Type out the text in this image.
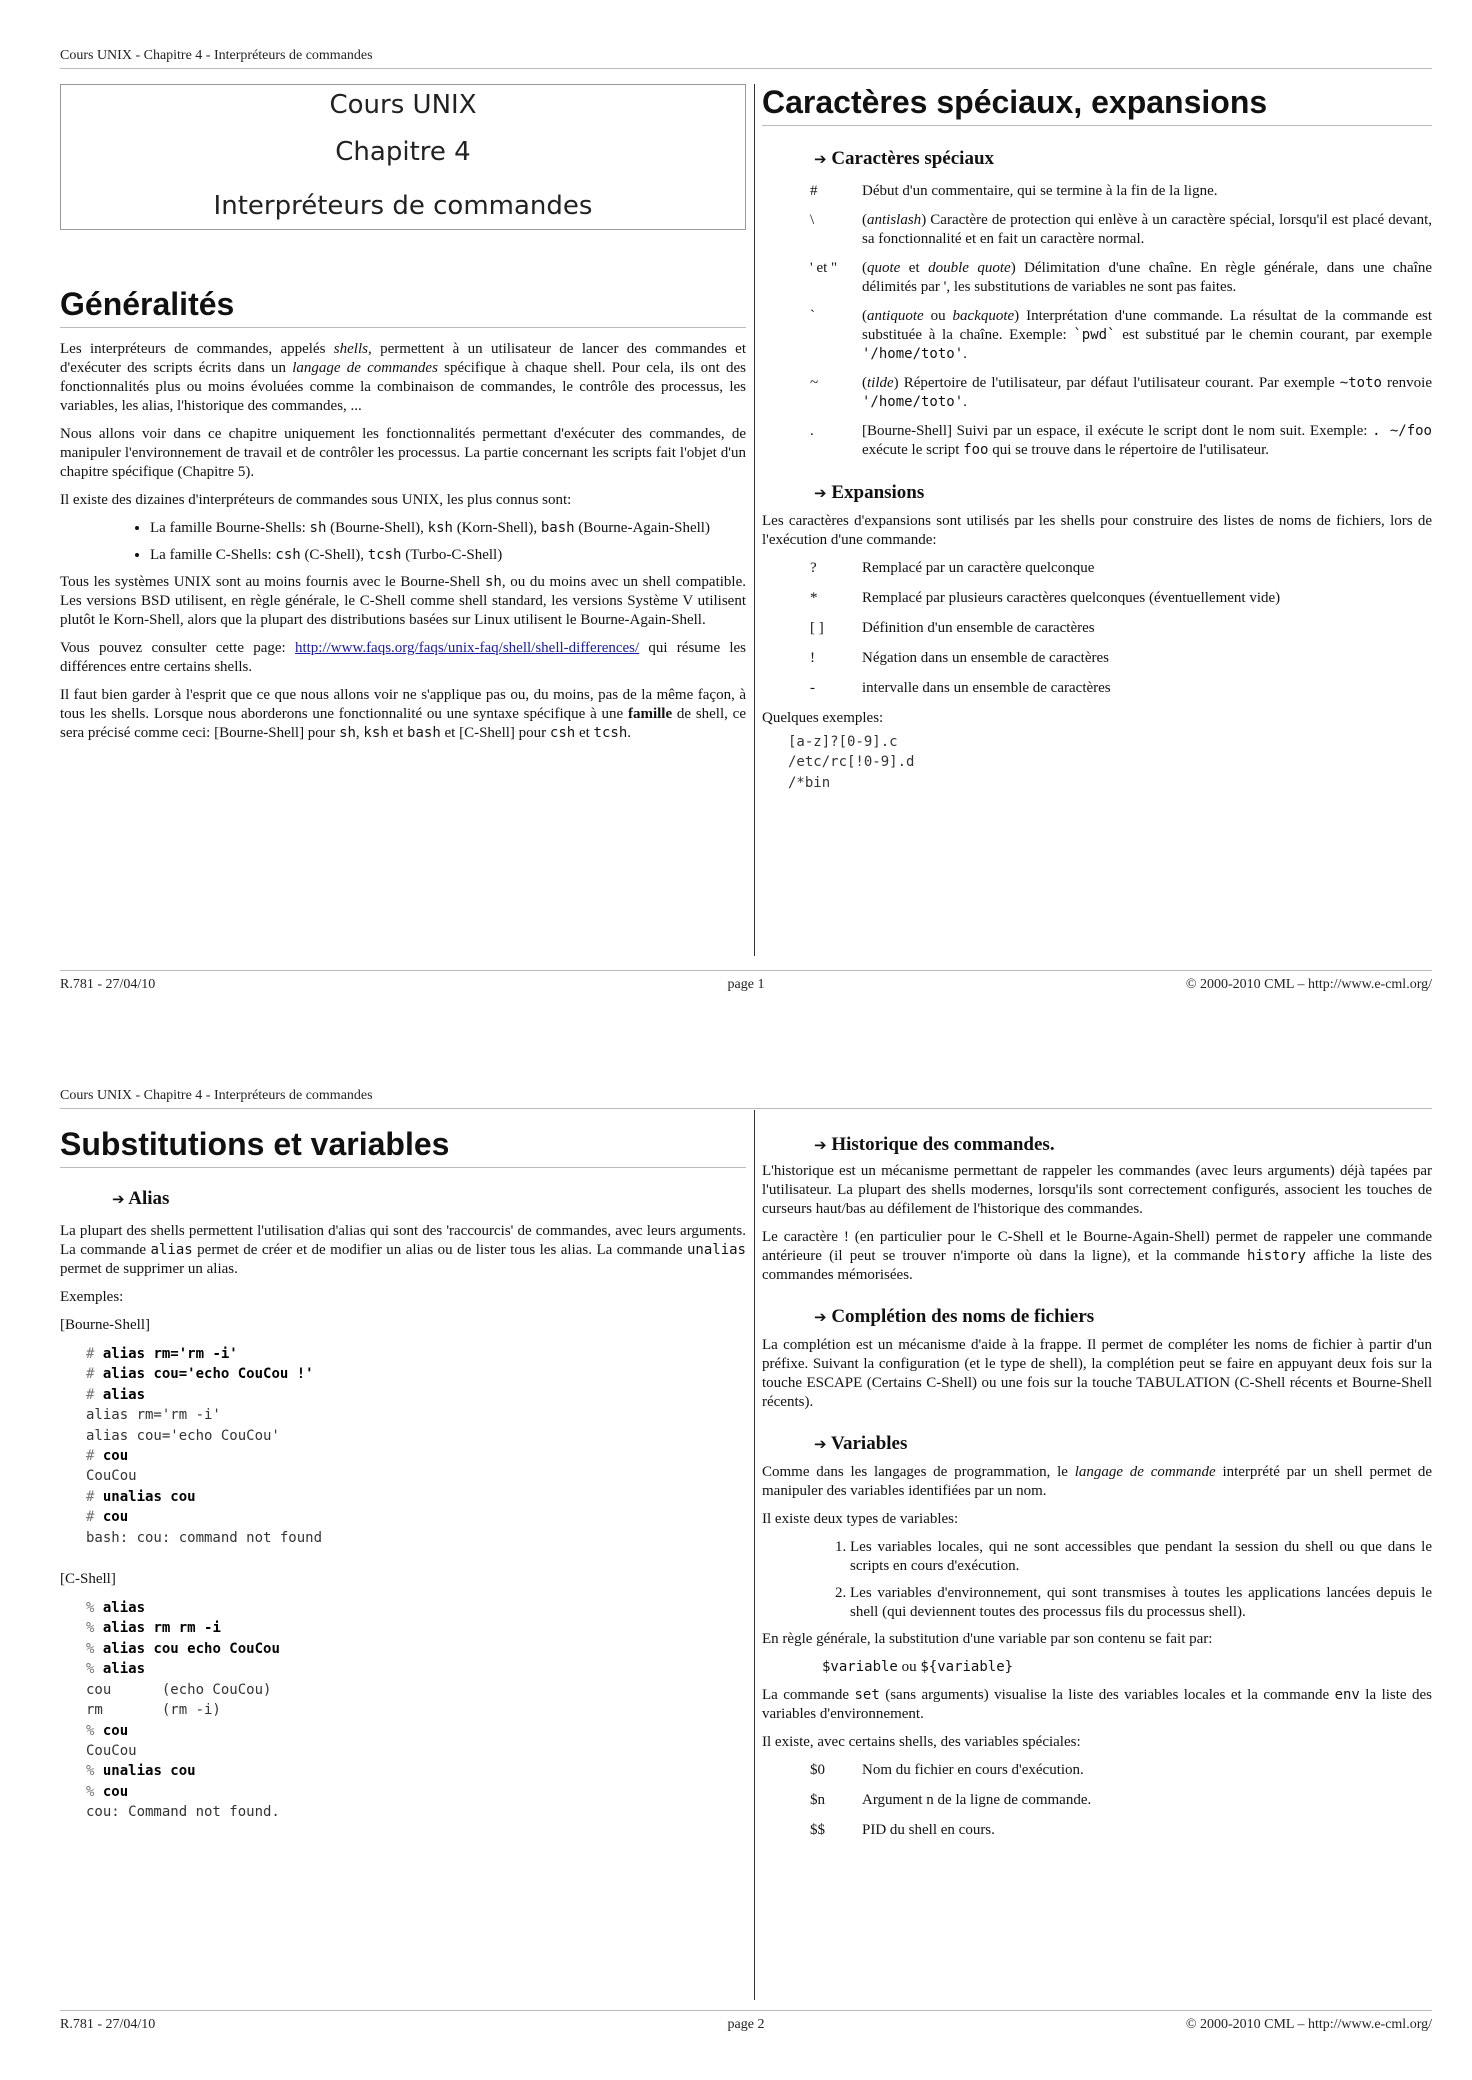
Cours UNIX - Chapitre 4 - Interpréteurs de commandes
Cours UNIX
Chapitre 4
Interpréteurs de commandes
Généralités

Les interpréteurs de commandes, appelés shells, permettent à un utilisateur de lancer des commandes et d'exécuter des scripts écrits dans un langage de commandes spécifique à chaque shell. Pour cela, ils ont des fonctionnalités plus ou moins évoluées comme la combinaison de commandes, le contrôle des processus, les variables, les alias, l'historique des commandes, ...

Nous allons voir dans ce chapitre uniquement les fonctionnalités permettant d'exécuter des commandes, de manipuler l'environnement de travail et de contrôler les processus. La partie concernant les scripts fait l'objet d'un chapitre spécifique (Chapitre 5).

Il existe des dizaines d'interpréteurs de commandes sous UNIX, les plus connus sont:

• La famille Bourne-Shells: sh (Bourne-Shell), ksh (Korn-Shell), bash (Bourne-Again-Shell)
• La famille C-Shells: csh (C-Shell), tcsh (Turbo-C-Shell)

Tous les systèmes UNIX sont au moins fournis avec le Bourne-Shell sh, ou du moins avec un shell compatible. Les versions BSD utilisent, en règle générale, le C-Shell comme shell standard, les versions Système V utilisent plutôt le Korn-Shell, alors que la plupart des distributions basées sur Linux utilisent le Bourne-Again-Shell.

Vous pouvez consulter cette page: http://www.faqs.org/faqs/unix-faq/shell/shell-differences/ qui résume les différences entre certains shells.

Il faut bien garder à l'esprit que ce que nous allons voir ne s'applique pas ou, du moins, pas de la même façon, à tous les shells. Lorsque nous aborderons une fonctionnalité ou une syntaxe spécifique à une famille de shell, ce sera précisé comme ceci: [Bourne-Shell] pour sh, ksh et bash et [C-Shell] pour csh et tcsh.

Caractères spéciaux, expansions
➔ Caractères spéciaux
#	Début d'un commentaire, qui se termine à la fin de la ligne.
\	(antislash) Caractère de protection qui enlève à un caractère spécial, lorsqu'il est placé devant, sa fonctionnalité et en fait un caractère normal.
' et "	(quote et double quote) Délimitation d'une chaîne. En règle générale, dans une chaîne délimités par ', les substitutions de variables ne sont pas faites.
`	(antiquote ou backquote) Interprétation d'une commande. La résultat de la commande est substituée à la chaîne. Exemple: `pwd` est substitué par le chemin courant, par exemple '/home/toto'.
~	(tilde) Répertoire de l'utilisateur, par défaut l'utilisateur courant. Par exemple ~toto renvoie '/home/toto'.
.	[Bourne-Shell] Suivi par un espace, il exécute le script dont le nom suit. Exemple: . ~/foo exécute le script foo qui se trouve dans le répertoire de l'utilisateur.
➔ Expansions

Les caractères d'expansions sont utilisés par les shells pour construire des listes de noms de fichiers, lors de l'exécution d'une commande:

?	Remplacé par un caractère quelconque
*	Remplacé par plusieurs caractères quelconques (éventuellement vide)
[ ]	Définition d'un ensemble de caractères
!	Négation dans un ensemble de caractères
-	intervalle dans un ensemble de caractères

Quelques exemples:

[a-z]?[0-9].c
/etc/rc[!0-9].d
/*bin
R.781 - 27/04/10	page 1	© 2000-2010 CML – http://www.e-cml.org/
Cours UNIX - Chapitre 4 - Interpréteurs de commandes
Substitutions et variables
➔ Alias

La plupart des shells permettent l'utilisation d'alias qui sont des 'raccourcis' de commandes, avec leurs arguments. La commande alias permet de créer et de modifier un alias ou de lister tous les alias. La commande unalias permet de supprimer un alias.

Exemples:

[Bourne-Shell]

# alias rm='rm -i'
# alias cou='echo CouCou !'
# alias
alias rm='rm -i'
alias cou='echo CouCou'
# cou
CouCou
# unalias cou
# cou
bash: cou: command not found

[C-Shell]

% alias
% alias rm rm -i
% alias cou echo CouCou
% alias
cou      (echo CouCou)
rm       (rm -i)
% cou
CouCou
% unalias cou
% cou
cou: Command not found.
➔ Historique des commandes.

L'historique est un mécanisme permettant de rappeler les commandes (avec leurs arguments) déjà tapées par l'utilisateur. La plupart des shells modernes, lorsqu'ils sont correctement configurés, associent les touches de curseurs haut/bas au défilement de l'historique des commandes.

Le caractère ! (en particulier pour le C-Shell et le Bourne-Again-Shell) permet de rappeler une commande antérieure (il peut se trouver n'importe où dans la ligne), et la commande history affiche la liste des commandes mémorisées.

➔ Complétion des noms de fichiers

La complétion est un mécanisme d'aide à la frappe. Il permet de compléter les noms de fichier à partir d'un préfixe. Suivant la configuration (et le type de shell), la complétion peut se faire en appuyant deux fois sur la touche ESCAPE (Certains C-Shell) ou une fois sur la touche TABULATION (C-Shell récents et Bourne-Shell récents).

➔ Variables

Comme dans les langages de programmation, le langage de commande interprété par un shell permet de manipuler des variables identifiées par un nom.

Il existe deux types de variables:

1. Les variables locales, qui ne sont accessibles que pendant la session du shell ou que dans le scripts en cours d'exécution.
2. Les variables d'environnement, qui sont transmises à toutes les applications lancées depuis le shell (qui deviennent toutes des processus fils du processus shell).

En règle générale, la substitution d'une variable par son contenu se fait par:

$variable ou ${variable}

La commande set (sans arguments) visualise la liste des variables locales et la commande env la liste des variables d'environnement.

Il existe, avec certains shells, des variables spéciales:

$0	Nom du fichier en cours d'exécution.
$n	Argument n de la ligne de commande.
$$	PID du shell en cours.
R.781 - 27/04/10	page 2	© 2000-2010 CML – http://www.e-cml.org/
